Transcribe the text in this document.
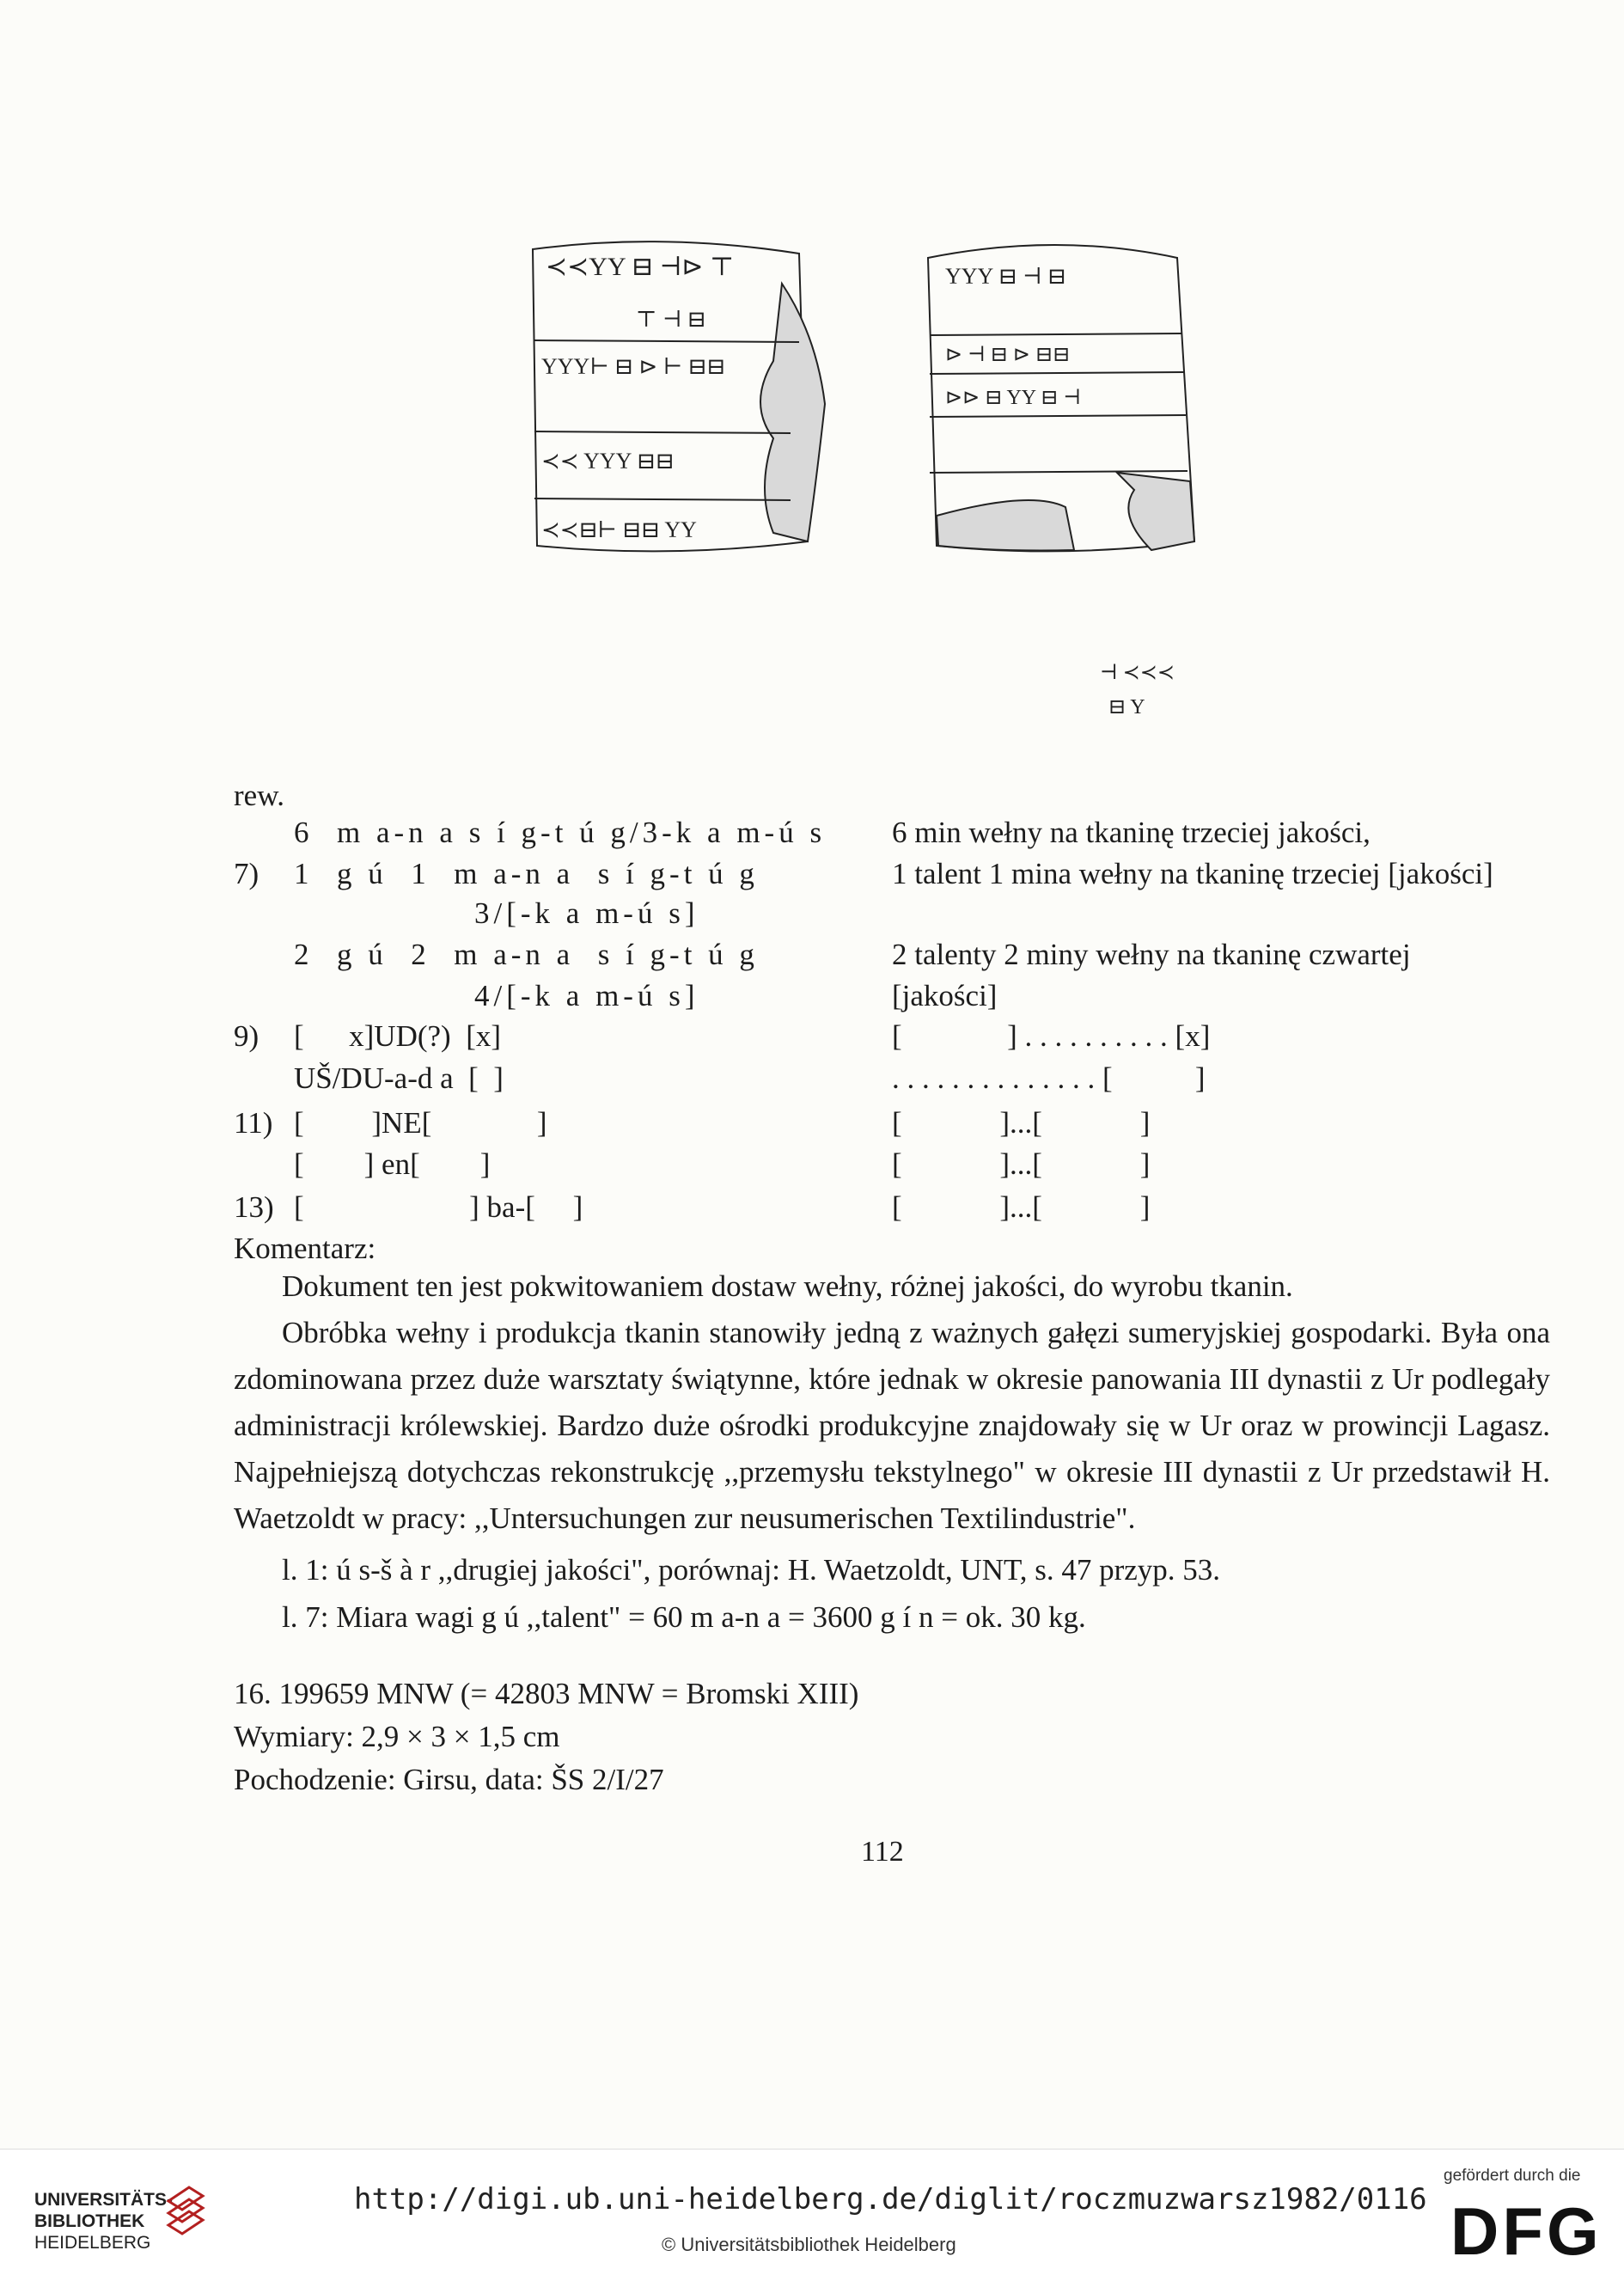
≺≺ΥΥ ⊟ ⊣⊳ ⊤
⊤ ⊣ ⊟
ΥΥΥ⊢ ⊟ ⊳ ⊢ ⊟⊟
≺≺ ΥΥΥ ⊟⊟
≺≺⊟⊢ ⊟⊟ ΥΥ
ΥΥΥ ⊟ ⊣ ⊟
⊳ ⊣ ⊟ ⊳ ⊟⊟
⊳⊳ ⊟ ΥΥ ⊟ ⊣
⊣ ≺≺≺
⊟ Υ
rew.
6  m a-n a s í g-t ú g/3-k a m-ú s 6 min wełny na tkaninę trzeciej jakości,
7) 1  g ú  1  m a-n a  s í g-t ú g	1 talent 1 mina wełny na tkaninę trzeciej [jakości]
3/[-k a m-ú s]
2  g ú  2  m a-n a  s í g-t ú g	2 talenty 2 miny wełny na tkaninę czwartej
4/[-k a m-ú s]	[jakości]
9) [      x]UD(?)  [x]	[              ] . . . . . . . . . . [x]
UŠ/DU-a-d a  [  ]	. . . . . . . . . . . . . . [           ]
11) [         ]NE[              ]	[             ]...[             ]
[        ] en[        ]	[             ]...[             ]
13) [                      ] ba-[     ]	[             ]...[             ]
Komentarz:
Dokument ten jest pokwitowaniem dostaw wełny, różnej jakości, do wyrobu tkanin.
Obróbka wełny i produkcja tkanin stanowiły jedną z ważnych gałęzi sumeryjskiej gospodarki. Była ona zdominowana przez duże warsztaty świątynne, które jednak w okresie panowania III dynastii z Ur podlegały administracji królewskiej. Bardzo duże ośrodki produkcyjne znajdowały się w Ur oraz w prowincji Lagasz. Najpełniejszą dotychczas rekonstrukcję ,,przemysłu tekstylnego" w okresie III dynastii z Ur przedstawił H. Waetzoldt w pracy: ,,Untersuchungen zur neusumerischen Textilindustrie".
l. 1: ú s-š à r ,,drugiej jakości", porównaj: H. Waetzoldt, UNT, s. 47 przyp. 53.
l. 7: Miara wagi g ú ,,talent" = 60 m a-n a = 3600 g í n = ok. 30 kg.
16. 199659 MNW (= 42803 MNW = Bromski XIII)
Wymiary: 2,9 × 3 × 1,5 cm
Pochodzenie: Girsu, data: ŠS 2/I/27
112
UNIVERSITÄTS-
BIBLIOTHEK
HEIDELBERG
http://digi.ub.uni-heidelberg.de/diglit/roczmuzwarsz1982/0116
© Universitätsbibliothek Heidelberg
gefördert durch die
DFG
